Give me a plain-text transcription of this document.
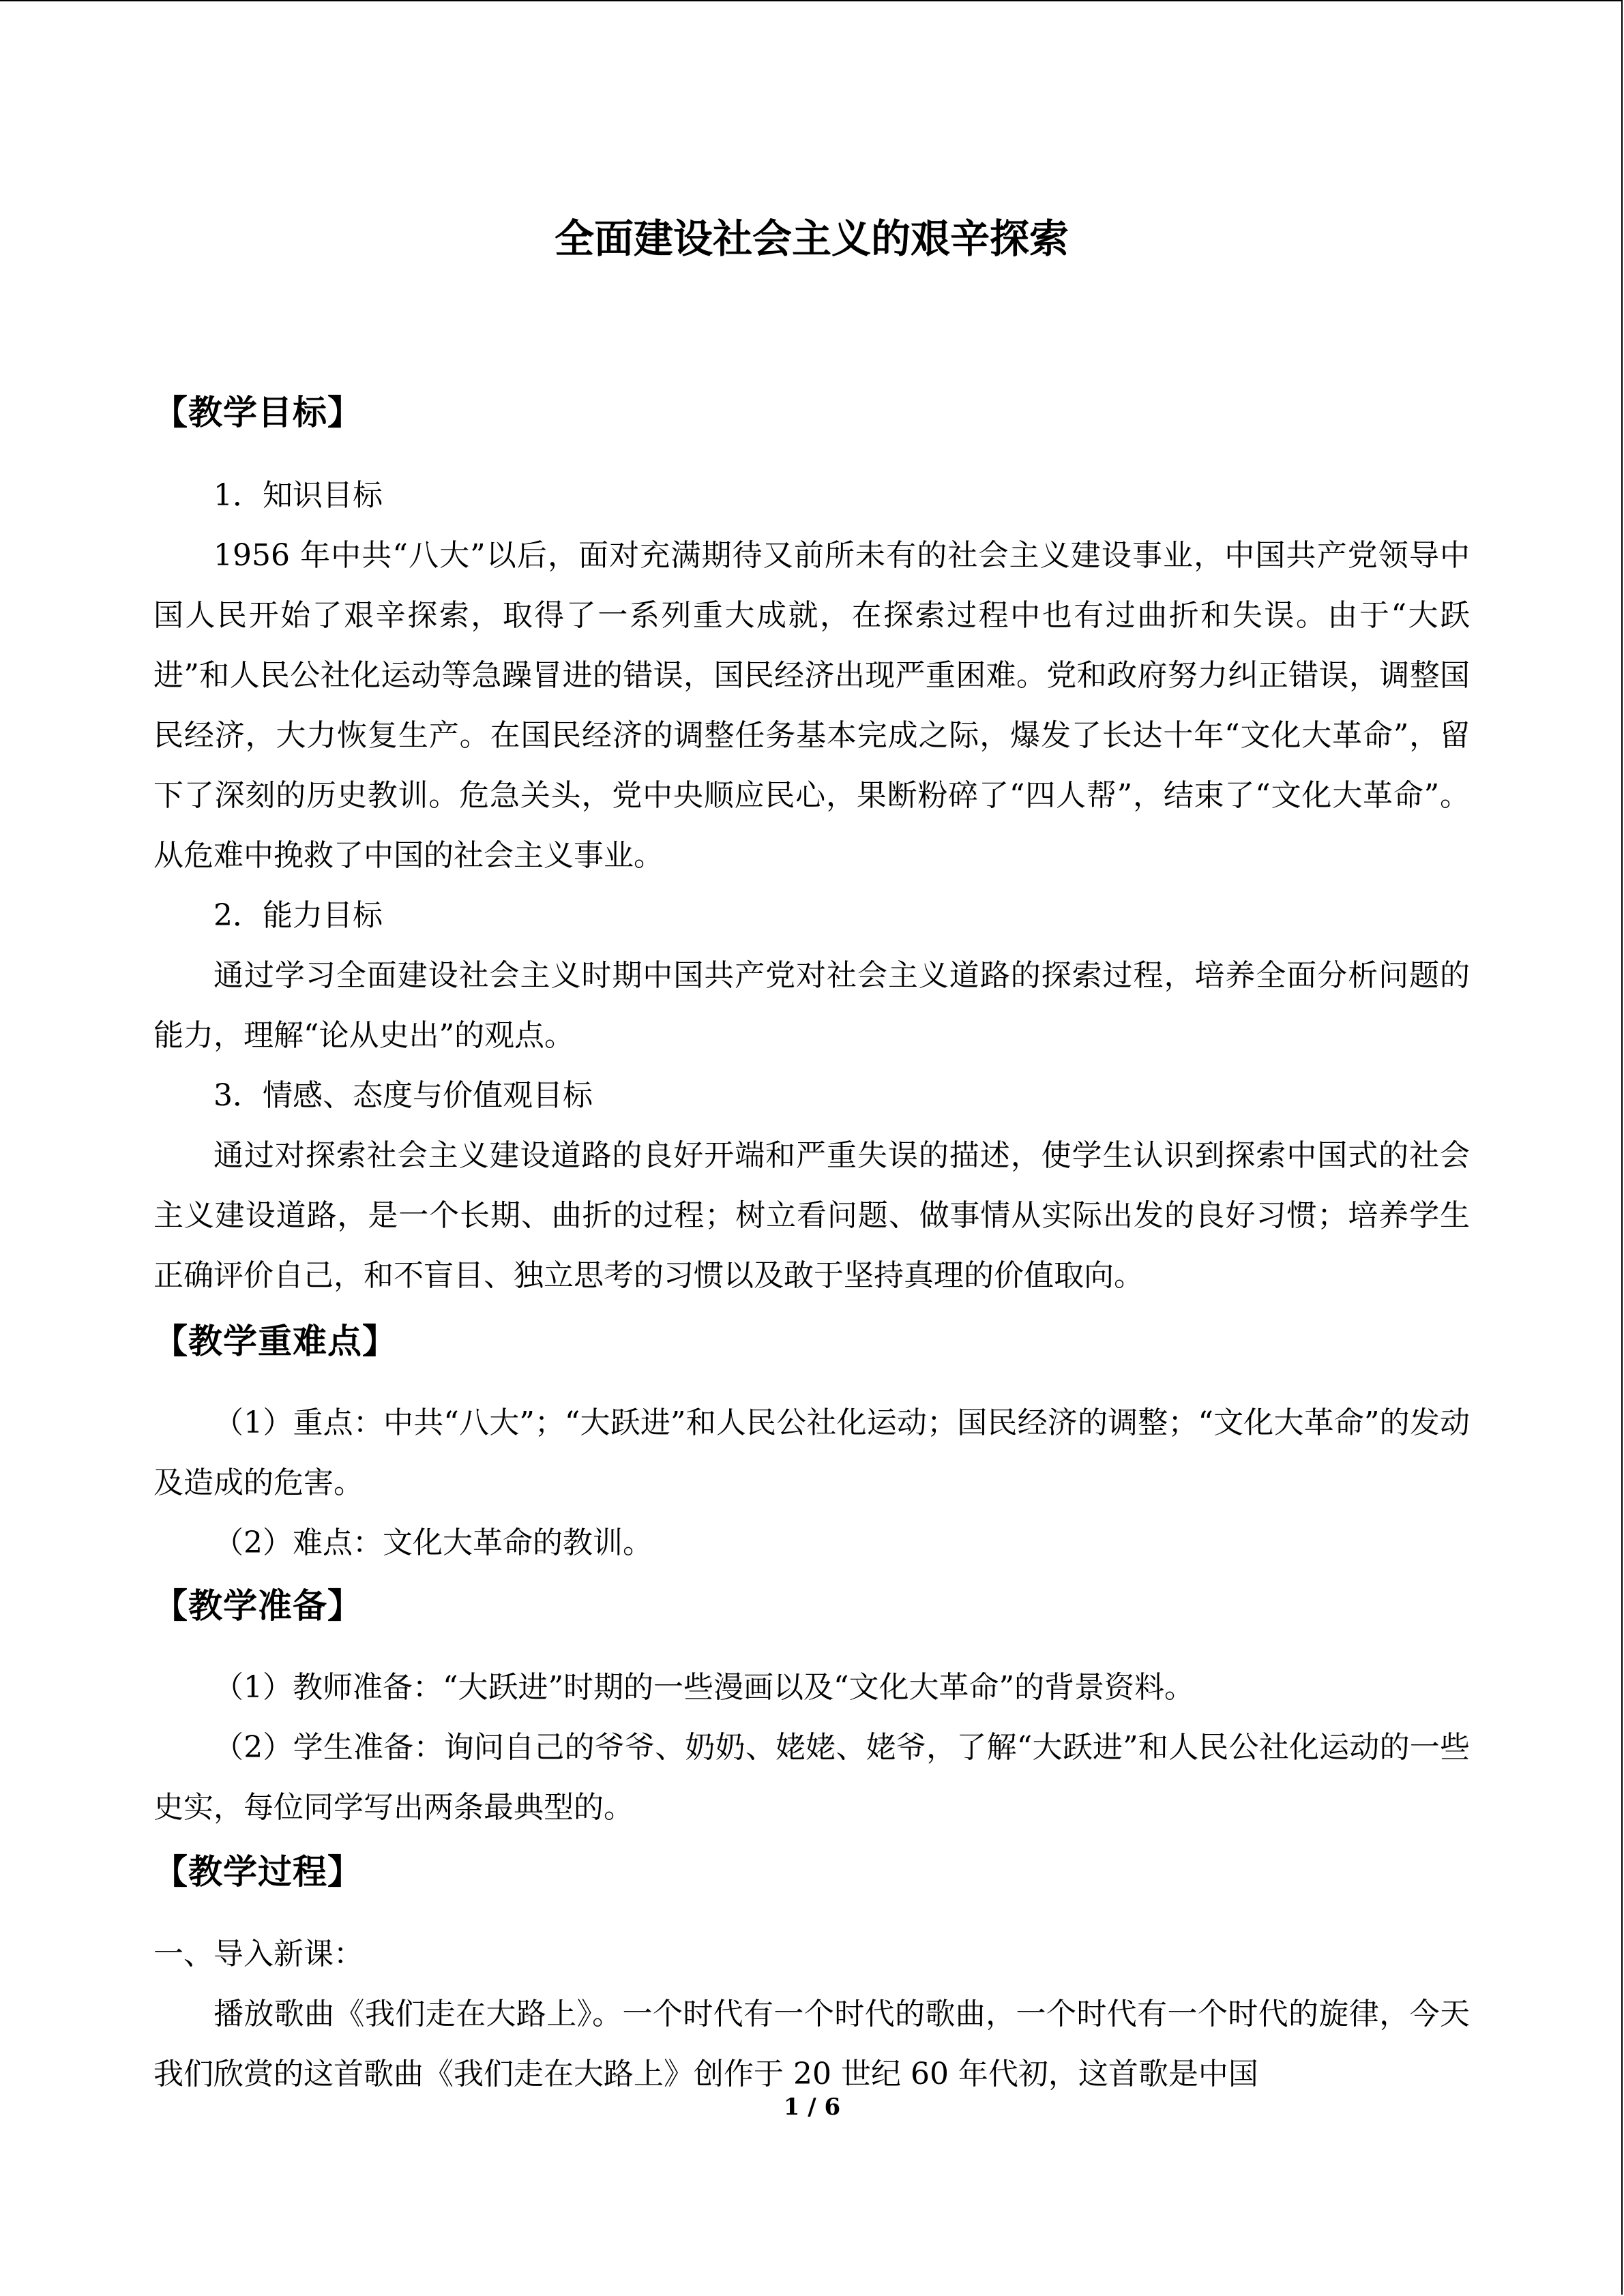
全面建设社会主义的艰辛探索
【教学目标】

1．知识目标

1956 年中共“八大”以后，面对充满期待又前所未有的社会主义建设事业，中国共产党领导中国人民开始了艰辛探索，取得了一系列重大成就，在探索过程中也有过曲折和失误。由于“大跃进”和人民公社化运动等急躁冒进的错误，国民经济出现严重困难。党和政府努力纠正错误，调整国民经济，大力恢复生产。在国民经济的调整任务基本完成之际，爆发了长达十年“文化大革命”，留下了深刻的历史教训。危急关头，党中央顺应民心，果断粉碎了“四人帮”，结束了“文化大革命”。从危难中挽救了中国的社会主义事业。

2．能力目标

通过学习全面建设社会主义时期中国共产党对社会主义道路的探索过程，培养全面分析问题的能力，理解“论从史出”的观点。

3．情感、态度与价值观目标

通过对探索社会主义建设道路的良好开端和严重失误的描述，使学生认识到探索中国式的社会主义建设道路，是一个长期、曲折的过程；树立看问题、做事情从实际出发的良好习惯；培养学生正确评价自己，和不盲目、独立思考的习惯以及敢于坚持真理的价值取向。

【教学重难点】

（1）重点：中共“八大”；“大跃进”和人民公社化运动；国民经济的调整；“文化大革命”的发动及造成的危害。

（2）难点：文化大革命的教训。

【教学准备】

（1）教师准备：“大跃进”时期的一些漫画以及“文化大革命”的背景资料。

（2）学生准备：询问自己的爷爷、奶奶、姥姥、姥爷，了解“大跃进”和人民公社化运动的一些史实，每位同学写出两条最典型的。

【教学过程】

一、导入新课：

播放歌曲《我们走在大路上》。一个时代有一个时代的歌曲，一个时代有一个时代的旋律，今天我们欣赏的这首歌曲《我们走在大路上》创作于 20 世纪 60 年代初，这首歌是中国

1 / 6
